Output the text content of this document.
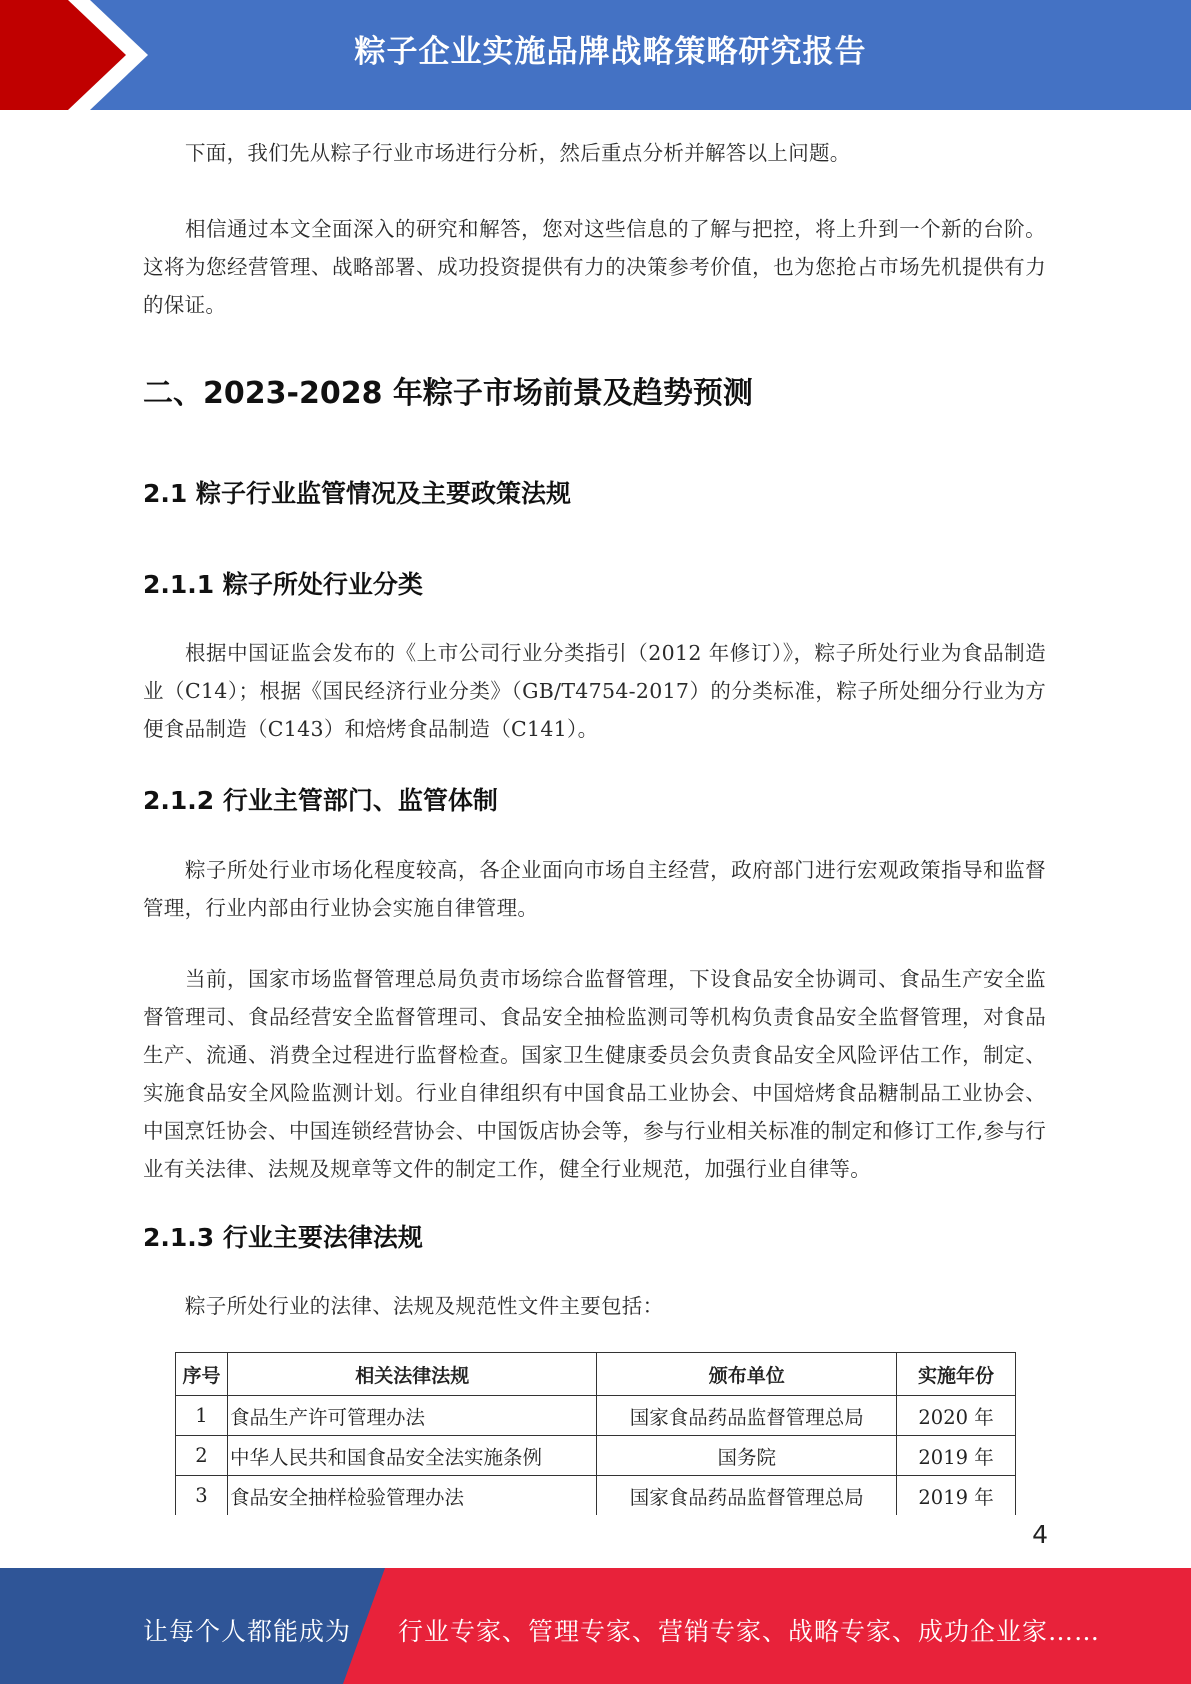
粽子企业实施品牌战略策略研究报告

下面，我们先从粽子行业市场进行分析，然后重点分析并解答以上问题。

相信通过本文全面深入的研究和解答，您对这些信息的了解与把控，将上升到一个新的台阶。这将为您经营管理、战略部署、成功投资提供有力的决策参考价值，也为您抢占市场先机提供有力的保证。

二、2023-2028 年粽子市场前景及趋势预测
2.1 粽子行业监管情况及主要政策法规
2.1.1 粽子所处行业分类

根据中国证监会发布的《上市公司行业分类指引（2012 年修订）》，粽子所处行业为食品制造业（C14）；根据《国民经济行业分类》（GB/T4754-2017）的分类标准，粽子所处细分行业为方便食品制造（C143）和焙烤食品制造（C141）。

2.1.2 行业主管部门、监管体制

粽子所处行业市场化程度较高，各企业面向市场自主经营，政府部门进行宏观政策指导和监督管理，行业内部由行业协会实施自律管理。

当前，国家市场监督管理总局负责市场综合监督管理，下设食品安全协调司、食品生产安全监督管理司、食品经营安全监督管理司、食品安全抽检监测司等机构负责食品安全监督管理，对食品生产、流通、消费全过程进行监督检查。国家卫生健康委员会负责食品安全风险评估工作，制定、实施食品安全风险监测计划。行业自律组织有中国食品工业协会、中国焙烤食品糖制品工业协会、中国烹饪协会、中国连锁经营协会、中国饭店协会等，参与行业相关标准的制定和修订工作,参与行业有关法律、法规及规章等文件的制定工作，健全行业规范，加强行业自律等。

2.1.3 行业主要法律法规

粽子所处行业的法律、法规及规范性文件主要包括：

序号	相关法律法规	颁布单位	实施年份
1	食品生产许可管理办法	国家食品药品监督管理总局	2020 年
2	中华人民共和国食品安全法实施条例	国务院	2019 年
3	食品安全抽样检验管理办法	国家食品药品监督管理总局	2019 年
4
让每个人都能成为 行业专家、管理专家、营销专家、战略专家、成功企业家……
